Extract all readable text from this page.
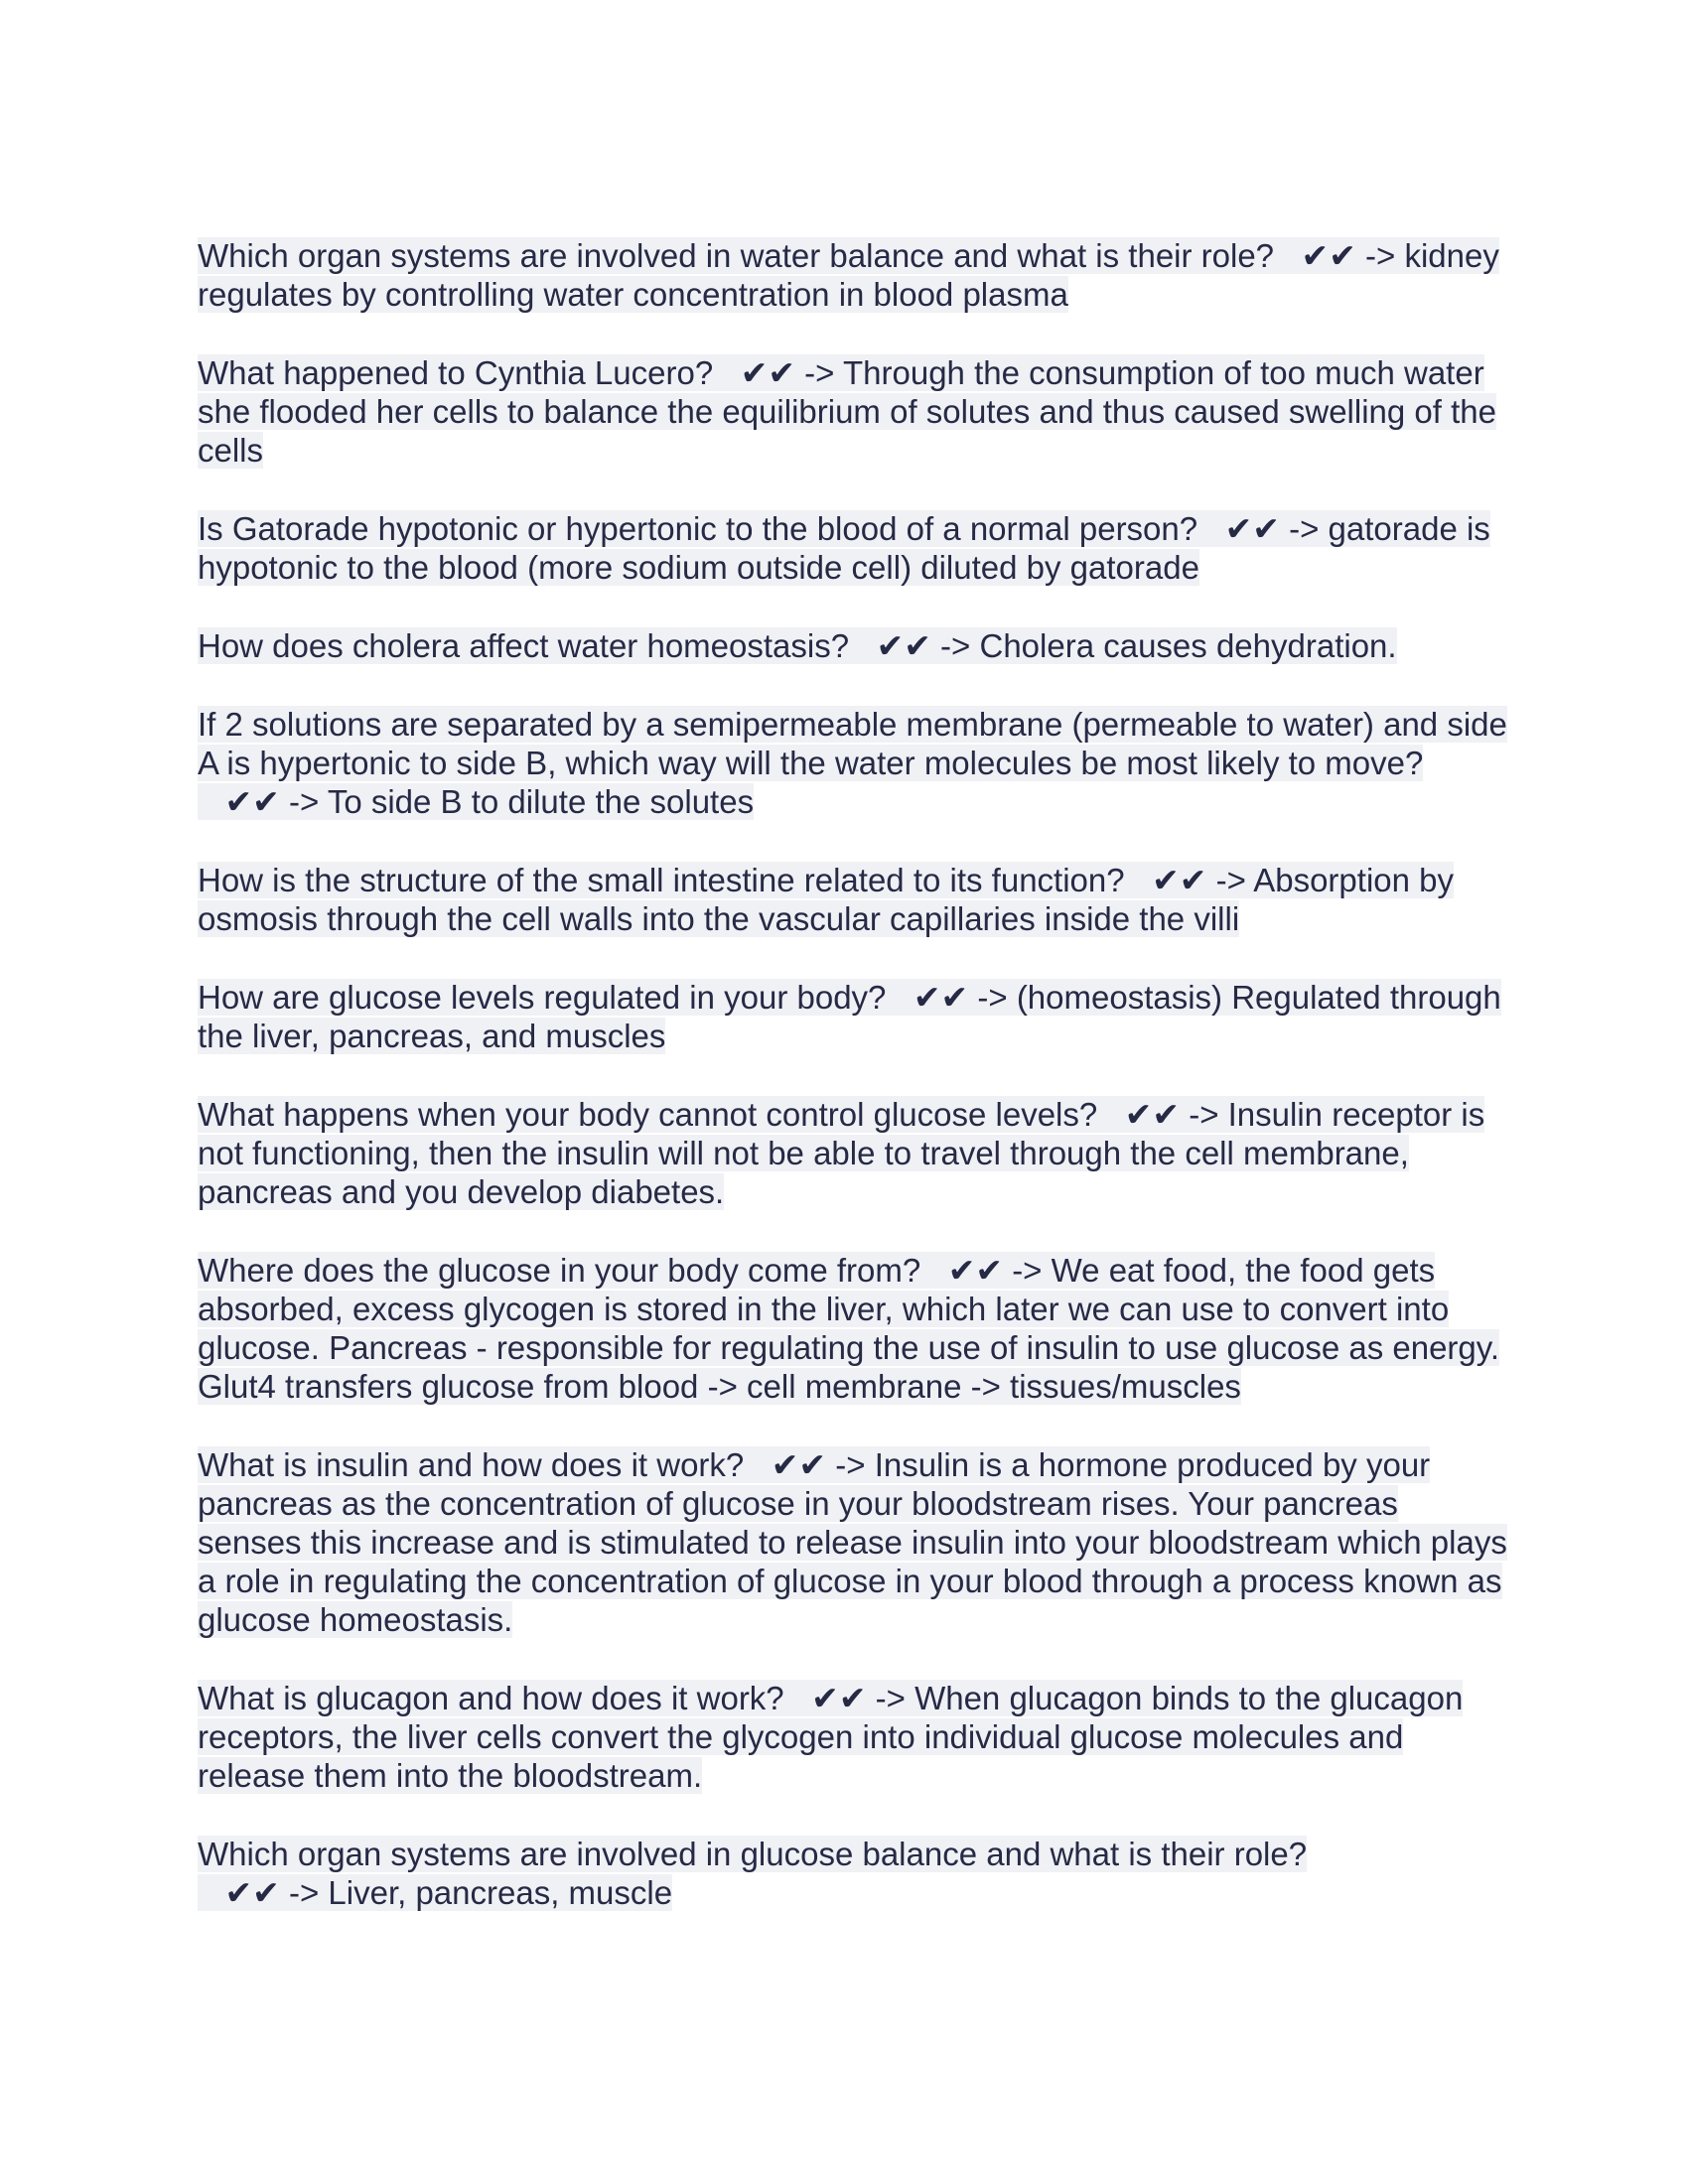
Which organ systems are involved in water balance and what is their role?   ✔✔ -> kidney regulates by controlling water concentration in blood plasma

What happened to Cynthia Lucero?   ✔✔ -> Through the consumption of too much water she flooded her cells to balance the equilibrium of solutes and thus caused swelling of the cells

Is Gatorade hypotonic or hypertonic to the blood of a normal person?   ✔✔ -> gatorade is hypotonic to the blood (more sodium outside cell) diluted by gatorade

How does cholera affect water homeostasis?   ✔✔ -> Cholera causes dehydration.

If 2 solutions are separated by a semipermeable membrane (permeable to water) and side A is hypertonic to side B, which way will the water molecules be most likely to move?   ✔✔ -> To side B to dilute the solutes

How is the structure of the small intestine related to its function?   ✔✔ -> Absorption by osmosis through the cell walls into the vascular capillaries inside the villi

How are glucose levels regulated in your body?   ✔✔ -> (homeostasis) Regulated through the liver, pancreas, and muscles

What happens when your body cannot control glucose levels?   ✔✔ -> Insulin receptor is not functioning, then the insulin will not be able to travel through the cell membrane, pancreas and you develop diabetes.

Where does the glucose in your body come from?   ✔✔ -> We eat food, the food gets absorbed, excess glycogen is stored in the liver, which later we can use to convert into glucose. Pancreas - responsible for regulating the use of insulin to use glucose as energy. Glut4 transfers glucose from blood -> cell membrane -> tissues/muscles

What is insulin and how does it work?   ✔✔ -> Insulin is a hormone produced by your pancreas as the concentration of glucose in your bloodstream rises. Your pancreas senses this increase and is stimulated to release insulin into your bloodstream which plays a role in regulating the concentration of glucose in your blood through a process known as glucose homeostasis.

What is glucagon and how does it work?   ✔✔ -> When glucagon binds to the glucagon receptors, the liver cells convert the glycogen into individual glucose molecules and release them into the bloodstream.

Which organ systems are involved in glucose balance and what is their role?   ✔✔ -> Liver, pancreas, muscle
